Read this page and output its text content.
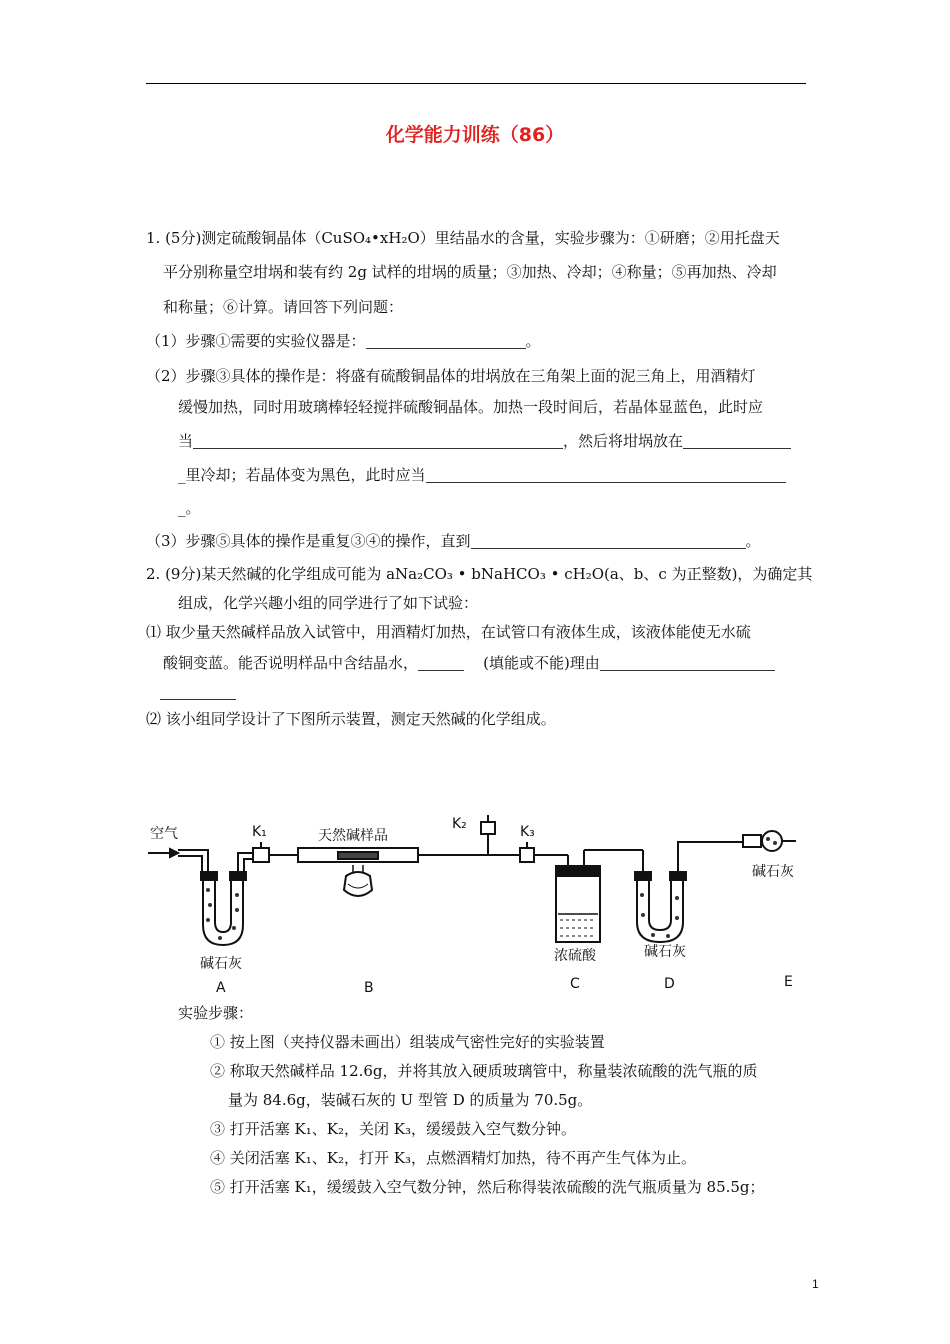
化学能力训练（86）
1. (5分)测定硫酸铜晶体（CuSO₄•xH₂O）里结晶水的含量，实验步骤为：①研磨；②用托盘天
平分别称量空坩埚和装有约 2g 试样的坩埚的质量；③加热、冷却；④称量；⑤再加热、冷却
和称量；⑥计算。请回答下列问题：
（1）步骤①需要的实验仪器是：	。
（2）步骤③具体的操作是：将盛有硫酸铜晶体的坩埚放在三角架上面的泥三角上，用酒精灯
缓慢加热，同时用玻璃棒轻轻搅拌硫酸铜晶体。加热一段时间后，若晶体显蓝色，此时应
当	，然后将坩埚放在
_里冷却；若晶体变为黑色，此时应当
_。
（3）步骤⑤具体的操作是重复③④的操作，直到	。
2. (9分)某天然碱的化学组成可能为 aNa₂CO₃ • bNaHCO₃ • cH₂O(a、b、c 为正整数)，为确定其
组成，化学兴趣小组的同学进行了如下试验：
⑴ 取少量天然碱样品放入试管中，用酒精灯加热，在试管口有液体生成，该液体能使无水硫
酸铜变蓝。能否说明样品中含结晶水，	(填能或不能)理由
⑵ 该小组同学设计了下图所示装置，测定天然碱的化学组成。
空气	K₁	天然碱样品
K₂	K₃
碱石灰	浓硫酸	碱石灰
碱石灰
A	B	C	D	E
实验步骤：
① 按上图（夹持仪器未画出）组装成气密性完好的实验装置
② 称取天然碱样品 12.6g，并将其放入硬质玻璃管中，称量装浓硫酸的洗气瓶的质
量为 84.6g，装碱石灰的 U 型管 D 的质量为 70.5g。
③ 打开活塞 K₁、K₂，关闭 K₃，缓缓鼓入空气数分钟。
④ 关闭活塞 K₁、K₂，打开 K₃，点燃酒精灯加热，待不再产生气体为止。
⑤ 打开活塞 K₁，缓缓鼓入空气数分钟，然后称得装浓硫酸的洗气瓶质量为 85.5g；
1
